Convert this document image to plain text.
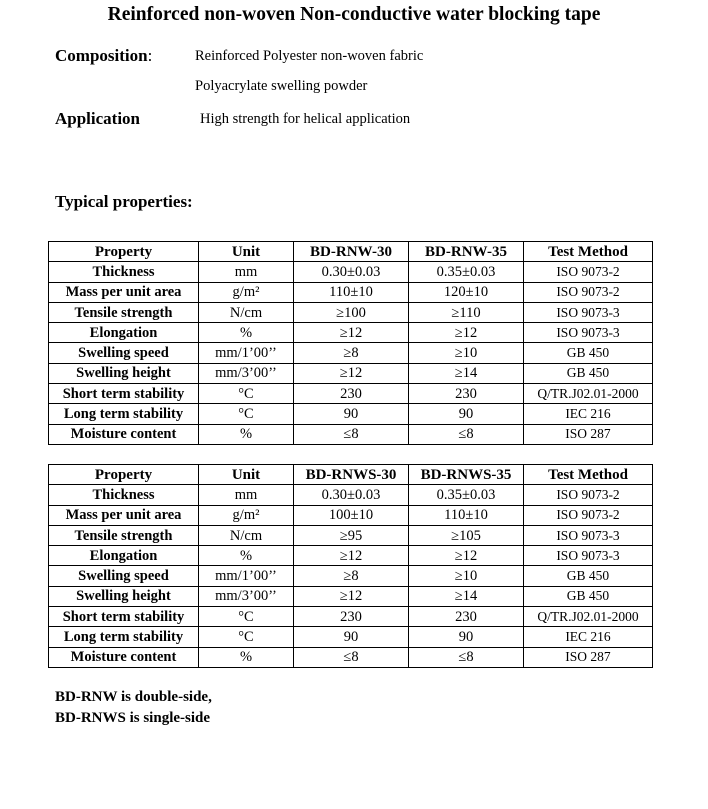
Reinforced non-woven Non-conductive water blocking tape
Composition:	Reinforced Polyester non-woven fabric
Polyacrylate swelling powder
Application	High strength for helical application
Typical properties:
Property	Unit	BD-RNW-30	BD-RNW-35	Test Method
Thickness	mm	0.30±0.03	0.35±0.03	ISO 9073-2
Mass per unit area	g/m²	110±10	120±10	ISO 9073-2
Tensile strength	N/cm	≥100	≥110	ISO 9073-3
Elongation	%	≥12	≥12	ISO 9073-3
Swelling speed	mm/1’00’’	≥8	≥10	GB 450
Swelling height	mm/3’00’’	≥12	≥14	GB 450
Short term stability	°C	230	230	Q/TR.J02.01-2000
Long term stability	°C	90	90	IEC 216
Moisture content	%	≤8	≤8	ISO 287
Property	Unit	BD-RNWS-30	BD-RNWS-35	Test Method
Thickness	mm	0.30±0.03	0.35±0.03	ISO 9073-2
Mass per unit area	g/m²	100±10	110±10	ISO 9073-2
Tensile strength	N/cm	≥95	≥105	ISO 9073-3
Elongation	%	≥12	≥12	ISO 9073-3
Swelling speed	mm/1’00’’	≥8	≥10	GB 450
Swelling height	mm/3’00’’	≥12	≥14	GB 450
Short term stability	°C	230	230	Q/TR.J02.01-2000
Long term stability	°C	90	90	IEC 216
Moisture content	%	≤8	≤8	ISO 287
BD-RNW is double-side,
BD-RNWS is single-side
